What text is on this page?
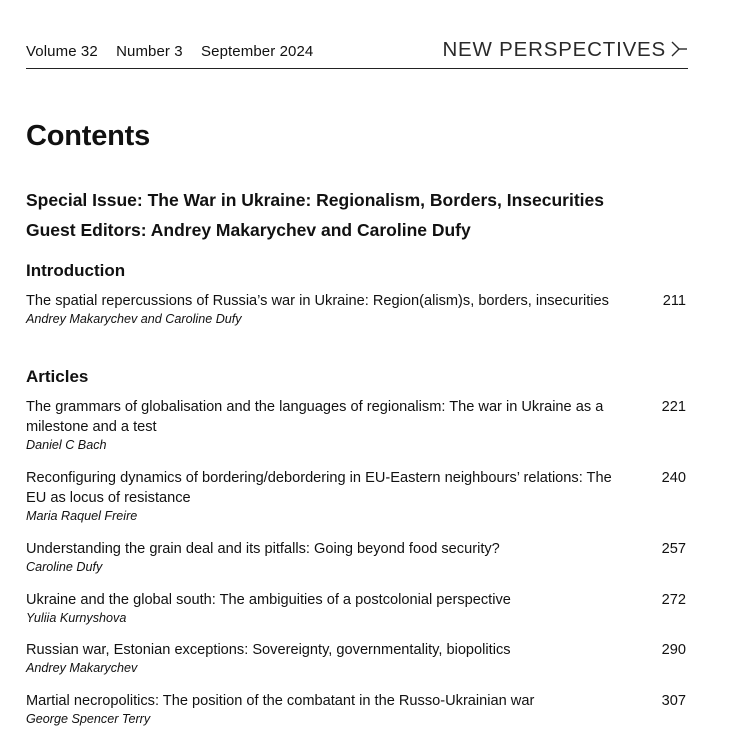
Volume 32 Number 3 September 2024	NEW PERSPECTIVES
Contents
Special Issue: The War in Ukraine: Regionalism, Borders, Insecurities
Guest Editors: Andrey Makarychev and Caroline Dufy
Introduction

The spatial repercussions of Russia’s war in Ukraine: Region(alism)s, borders, insecurities

Andrey Makarychev and Caroline Dufy

211
Articles

The grammars of globalisation and the languages of regionalism: The war in Ukraine as a milestone and a test

Daniel C Bach

221

Reconfiguring dynamics of bordering/debordering in EU-Eastern neighbours’ relations: The EU as locus of resistance

Maria Raquel Freire

240

Understanding the grain deal and its pitfalls: Going beyond food security?

Caroline Dufy

257

Ukraine and the global south: The ambiguities of a postcolonial perspective

Yuliia Kurnyshova

272

Russian war, Estonian exceptions: Sovereignty, governmentality, biopolitics

Andrey Makarychev

290

Martial necropolitics: The position of the combatant in the Russo-Ukrainian war

George Spencer Terry

307
